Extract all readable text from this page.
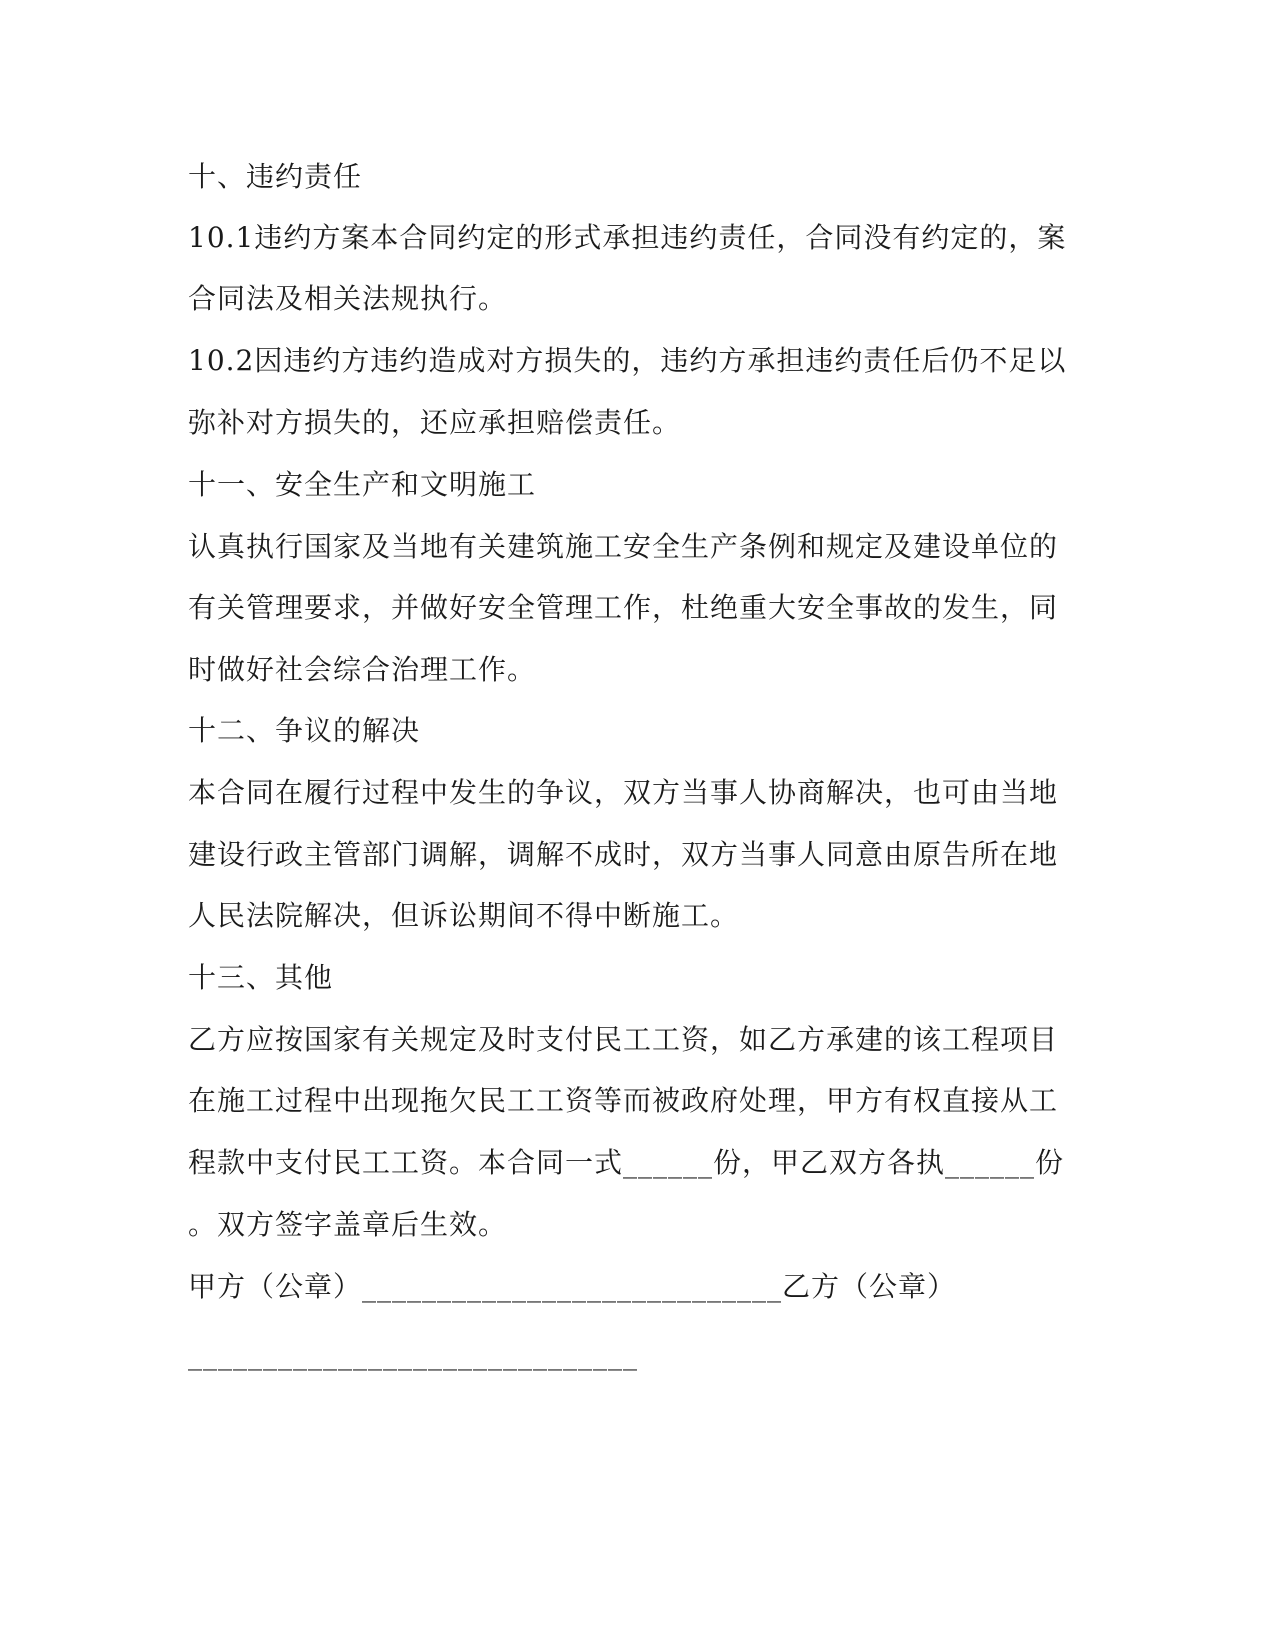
十、违约责任
10.1违约方案本合同约定的形式承担违约责任，合同没有约定的，案
合同法及相关法规执行。
10.2因违约方违约造成对方损失的，违约方承担违约责任后仍不足以
弥补对方损失的，还应承担赔偿责任。
十一、安全生产和文明施工
认真执行国家及当地有关建筑施工安全生产条例和规定及建设单位的
有关管理要求，并做好安全管理工作，杜绝重大安全事故的发生，同
时做好社会综合治理工作。
十二、争议的解决
本合同在履行过程中发生的争议，双方当事人协商解决，也可由当地
建设行政主管部门调解，调解不成时，双方当事人同意由原告所在地
人民法院解决，但诉讼期间不得中断施工。
十三、其他
乙方应按国家有关规定及时支付民工工资，如乙方承建的该工程项目
在施工过程中出现拖欠民工工资等而被政府处理，甲方有权直接从工
程款中支付民工工资。本合同一式______份，甲乙双方各执______份
。双方签字盖章后生效。
甲方（公章）____________________________乙方（公章）
______________________________
